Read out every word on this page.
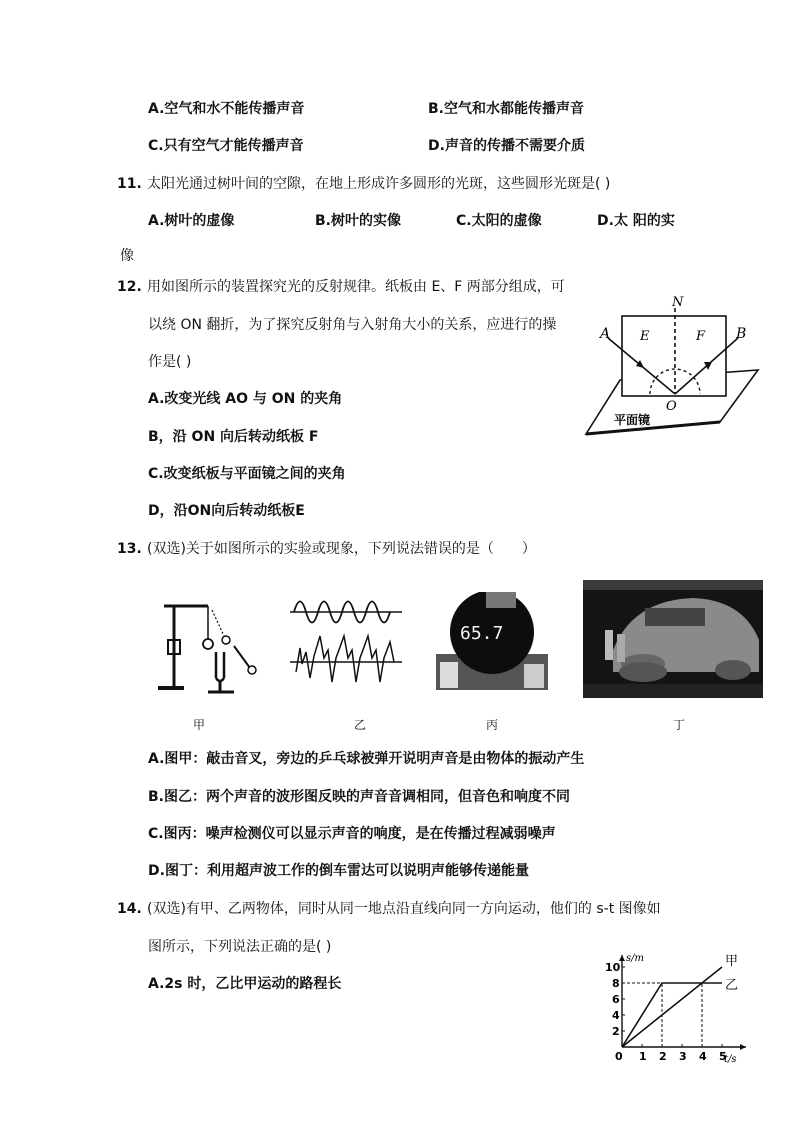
A.空气和水不能传播声音	B.空气和水都能传播声音
C.只有空气才能传播声音	D.声音的传播不需要介质
11. 太阳光通过树叶间的空隙，在地上形成许多圆形的光斑，这些圆形光斑是( )
A.树叶的虚像	B.树叶的实像	C.太阳的虚像	D.太 阳的实
像
12. 用如图所示的装置探究光的反射规律。纸板由 E、F 两部分组成，可
以绕 ON 翻折，为了探究反射角与入射角大小的关系，应进行的操
作是( )
A.改变光线 AO 与 ON 的夹角
B，沿 ON 向后转动纸板 F
C.改变纸板与平面镜之间的夹角
D，沿ON向后转动纸板E
N
A E	F B
O
平面镜
13. (双选)关于如图所示的实验或现象，下列说法错误的是（　　）
65.7
甲	乙	丙	丁
A.图甲：敲击音叉，旁边的乒乓球被弹开说明声音是由物体的振动产生
B.图乙：两个声音的波形图反映的声音音调相同，但音色和响度不同
C.图丙：噪声检测仪可以显示声音的响度，是在传播过程减弱噪声
D.图丁：利用超声波工作的倒车雷达可以说明声能够传递能量
14. (双选)有甲、乙两物体，同时从同一地点沿直线向同一方向运动，他们的 s-t 图像如
图所示，下列说法正确的是( )
A.2s 时，乙比甲运动的路程长
甲
乙
s/m
t/s
0 1 2 3 4 5
2
4
6
8
10
